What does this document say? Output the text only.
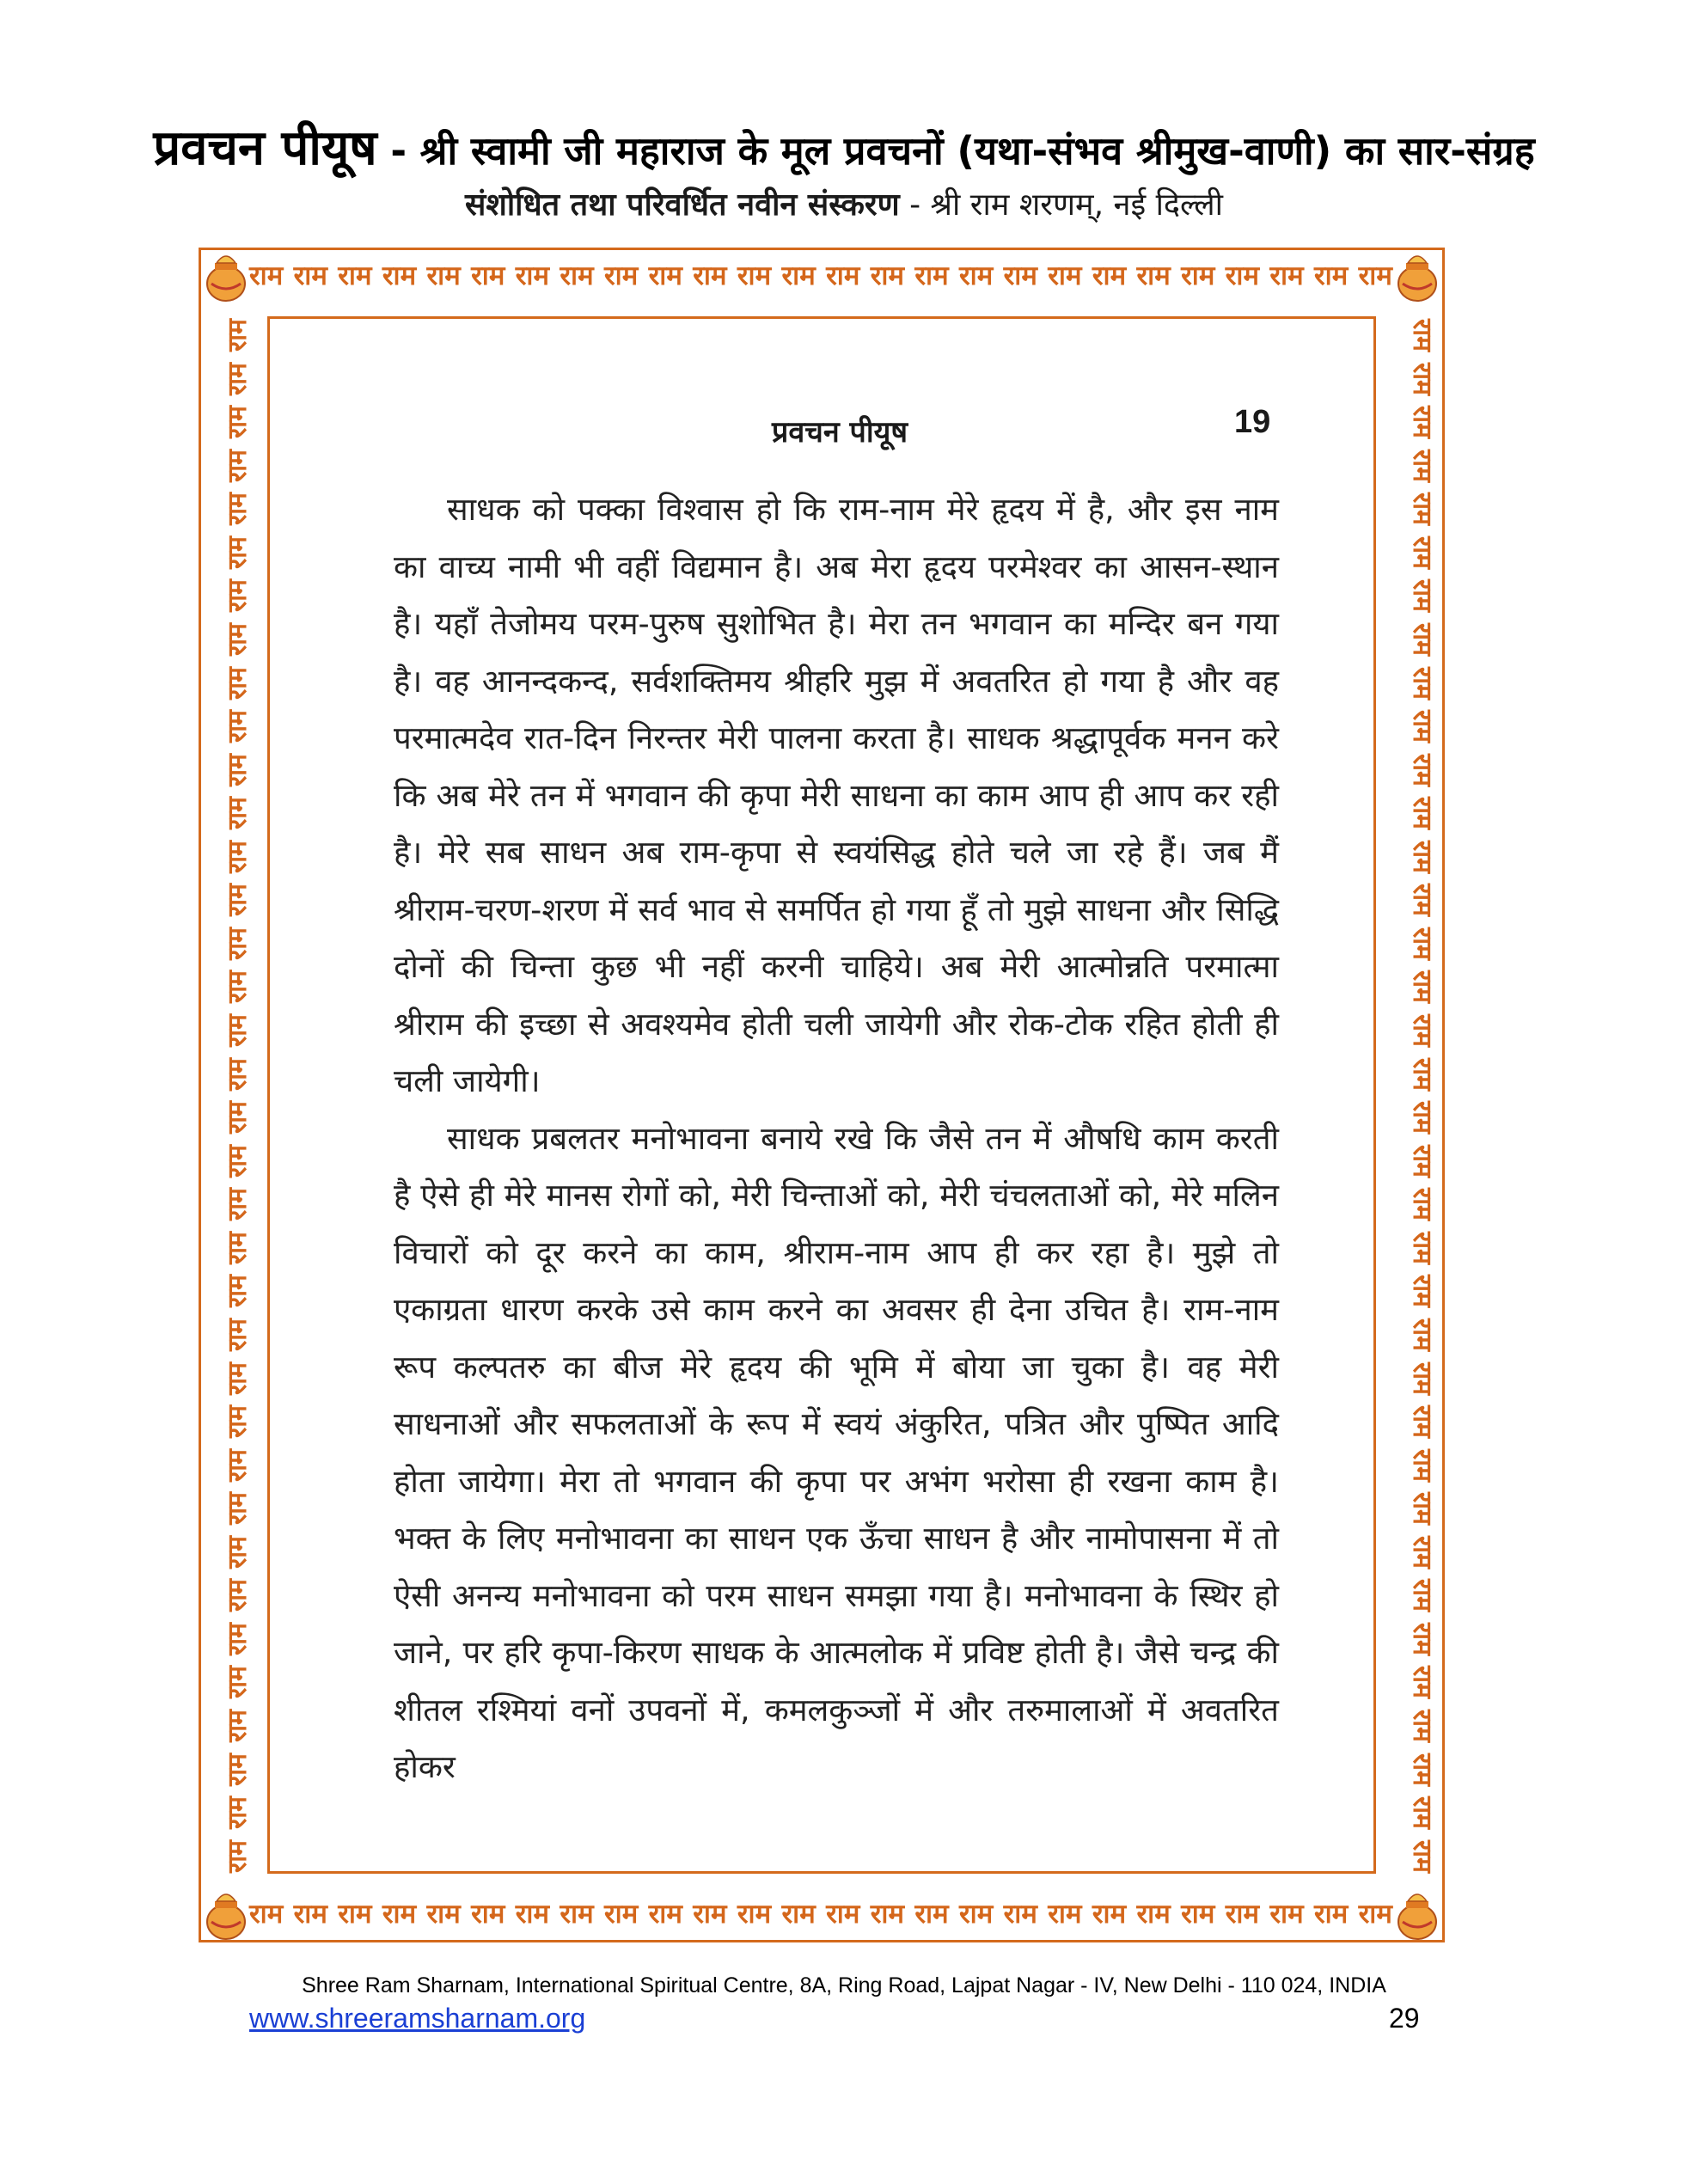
प्रवचन पीयूष - श्री स्वामी जी महाराज के मूल प्रवचनों (यथा-संभव श्रीमुख-वाणी) का सार-संग्रह
संशोधित तथा परिवर्धित नवीन संस्करण - श्री राम शरणम्, नई दिल्ली
राम राम राम राम राम राम राम राम राम राम राम राम राम राम राम राम राम राम राम राम राम राम राम राम राम राम
राम राम राम राम राम राम राम राम राम राम राम राम राम राम राम राम राम राम राम राम राम राम राम राम राम राम
राम
राम
राम
राम
राम
राम
राम
राम
राम
राम
राम
राम
राम
राम
राम
राम
राम
राम
राम
राम
राम
राम
राम
राम
राम
राम
राम
राम
राम
राम
राम
राम
राम
राम
राम
राम
राम
राम
राम
राम
राम
राम
राम
राम
राम
राम
राम
राम
राम
राम
राम
राम
राम
राम
राम
राम
राम
राम
राम
राम
राम
राम
राम
राम
राम
राम
राम
राम
राम
राम
राम
राम
प्रवचन पीयूष	19

साधक को पक्का विश्वास हो कि राम-नाम मेरे हृदय में है, और इस नाम का वाच्य नामी भी वहीं विद्यमान है। अब मेरा हृदय परमेश्वर का आसन-स्थान है। यहाँ तेजोमय परम-पुरुष सुशोभित है। मेरा तन भगवान का मन्दिर बन गया है। वह आनन्दकन्द, सर्वशक्तिमय श्रीहरि मुझ में अवतरित हो गया है और वह परमात्मदेव रात-दिन निरन्तर मेरी पालना करता है। साधक श्रद्धापूर्वक मनन करे कि अब मेरे तन में भगवान की कृपा मेरी साधना का काम आप ही आप कर रही है। मेरे सब साधन अब राम-कृपा से स्वयंसिद्ध होते चले जा रहे हैं। जब मैं श्रीराम-चरण-शरण में सर्व भाव से समर्पित हो गया हूँ तो मुझे साधना और सिद्धि दोनों की चिन्ता कुछ भी नहीं करनी चाहिये। अब मेरी आत्मोन्नति परमात्मा श्रीराम की इच्छा से अवश्यमेव होती चली जायेगी और रोक-टोक रहित होती ही चली जायेगी।

साधक प्रबलतर मनोभावना बनाये रखे कि जैसे तन में औषधि काम करती है ऐसे ही मेरे मानस रोगों को, मेरी चिन्ताओं को, मेरी चंचलताओं को, मेरे मलिन विचारों को दूर करने का काम, श्रीराम-नाम आप ही कर रहा है। मुझे तो एकाग्रता धारण करके उसे काम करने का अवसर ही देना उचित है। राम-नाम रूप कल्पतरु का बीज मेरे हृदय की भूमि में बोया जा चुका है। वह मेरी साधनाओं और सफलताओं के रूप में स्वयं अंकुरित, पत्रित और पुष्पित आदि होता जायेगा। मेरा तो भगवान की कृपा पर अभंग भरोसा ही रखना काम है। भक्त के लिए मनोभावना का साधन एक ऊँचा साधन है और नामोपासना में तो ऐसी अनन्य मनोभावना को परम साधन समझा गया है। मनोभावना के स्थिर हो जाने, पर हरि कृपा-किरण साधक के आत्मलोक में प्रविष्ट होती है। जैसे चन्द्र की शीतल रश्मियां वनों उपवनों में, कमलकुञ्जों में और तरुमालाओं में अवतरित होकर

Shree Ram Sharnam, International Spiritual Centre, 8A, Ring Road, Lajpat Nagar - IV, New Delhi - 110 024, INDIA
www.shreeramsharnam.org	29
